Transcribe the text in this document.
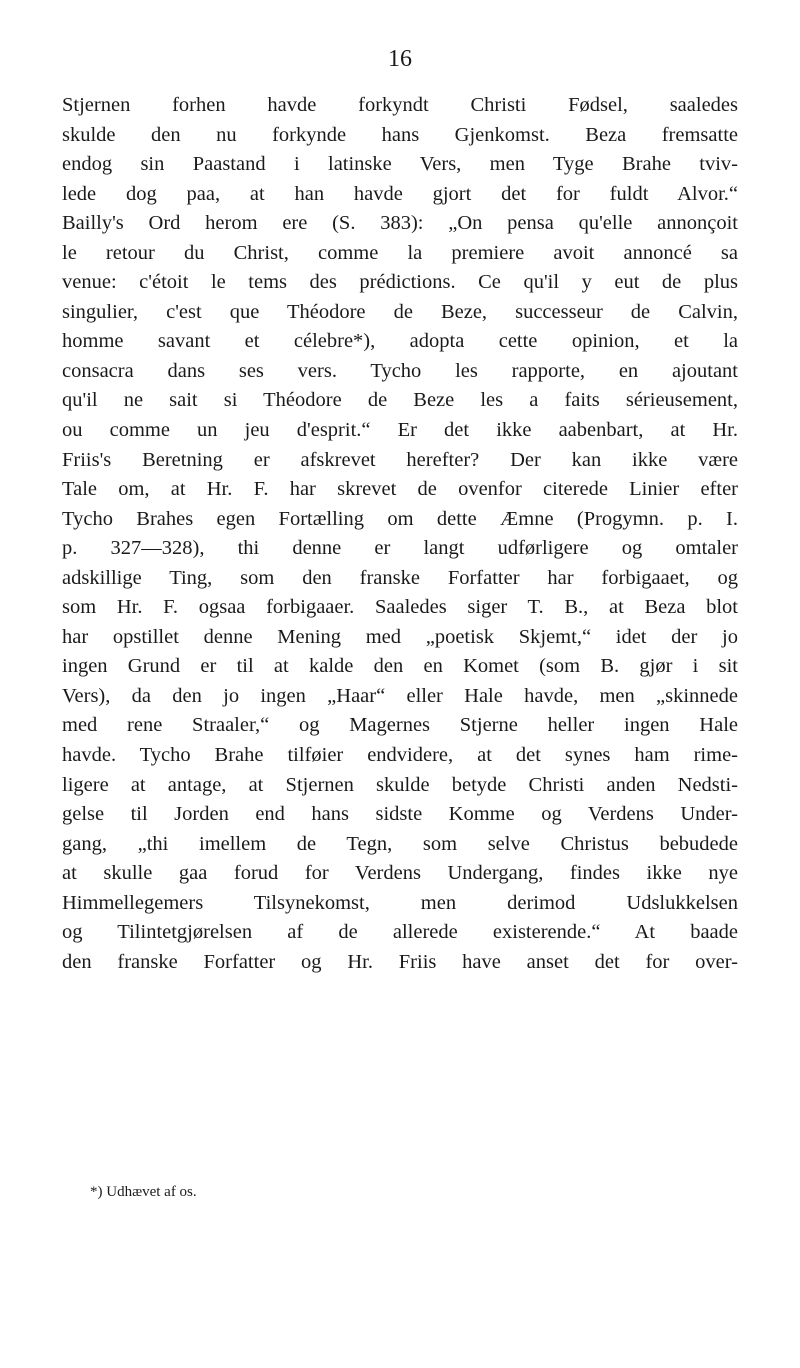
16
Stjernen forhen havde forkyndt Christi Fødsel, saaledes
skulde den nu forkynde hans Gjenkomst. Beza fremsatte
endog sin Paastand i latinske Vers, men Tyge Brahe tviv-
lede dog paa, at han havde gjort det for fuldt Alvor.“
Bailly's Ord herom ere (S. 383): „On pensa qu'elle annonçoit
le retour du Christ, comme la premiere avoit annoncé sa
venue: c'étoit le tems des prédictions. Ce qu'il y eut de plus
singulier, c'est que Théodore de Beze, successeur de Calvin,
homme savant et célebre*), adopta cette opinion, et la
consacra dans ses vers. Tycho les rapporte, en ajoutant
qu'il ne sait si Théodore de Beze les a faits sérieusement,
ou comme un jeu d'esprit.“ Er det ikke aabenbart, at Hr.
Friis's Beretning er afskrevet herefter? Der kan ikke være
Tale om, at Hr. F. har skrevet de ovenfor citerede Linier efter
Tycho Brahes egen Fortælling om dette Æmne (Progymn. p. I.
p. 327—328), thi denne er langt udførligere og omtaler
adskillige Ting, som den franske Forfatter har forbigaaet, og
som Hr. F. ogsaa forbigaaer. Saaledes siger T. B., at Beza blot
har opstillet denne Mening med „poetisk Skjemt,“ idet der jo
ingen Grund er til at kalde den en Komet (som B. gjør i sit
Vers), da den jo ingen „Haar“ eller Hale havde, men „skinnede
med rene Straaler,“ og Magernes Stjerne heller ingen Hale
havde. Tycho Brahe tilføier endvidere, at det synes ham rime-
ligere at antage, at Stjernen skulde betyde Christi anden Nedsti-
gelse til Jorden end hans sidste Komme og Verdens Under-
gang, „thi imellem de Tegn, som selve Christus bebudede
at skulle gaa forud for Verdens Undergang, findes ikke nye
Himmellegemers Tilsynekomst, men derimod Udslukkelsen
og Tilintetgjørelsen af de allerede existerende.“ At baade
den franske Forfatter og Hr. Friis have anset det for over-
*) Udhævet af os.
